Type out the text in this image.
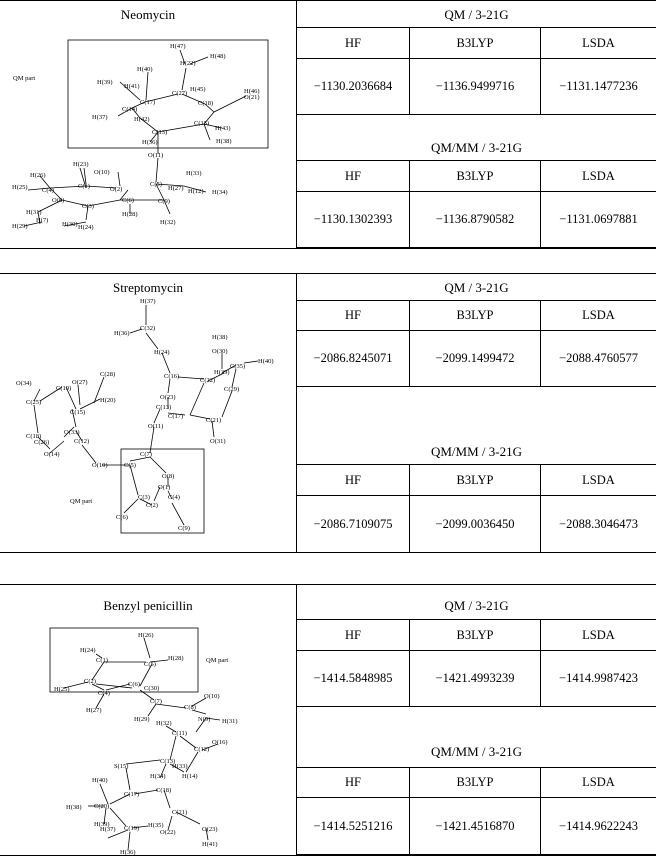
Neomycin
QM part
H(47)
H(48)
H(22)
H(40)
C(27)
H(45)
H(39)
H(41)
C(17)	C(18)
H(46)
O(21)
C(14)
H(42)
C(15)
H(43)
H(37)
C(13)
H(36)	H(38)
O(11)
H(23)
H(33)
O(10)
H(26)
C(1)	O(2)
C(5)
H(25) C(4)	H(27) H(12) H(34)
O(8)
C(3)
C(6)	C(9)
H(31)	H(28)
H(32)
H(7)
H(30) H(24)
H(29)
QM / 3-21G
HF	B3LYP	LSDA
−1130.2036684	−1136.9499716	−1131.1477236
QM/MM / 3-21G
HF	B3LYP	LSDA
−1130.1302393	−1136.8790582	−1131.0697881
Streptomycin
QM part
H(37)
H(36)
C(32)
H(38)
H(24)	O(30)
H(39)
C(35)
H(40)
C(16)
C(22)
C(28)
O(34)
C(19)
O(27)
C(29)
C(25)	H(20)	O(23)
C(15)
C(13)
C(17)
C(21)
O(33)
C(18)
C(26)	C(12)
O(11)
O(31)
O(14)
O(10)
C(7)
C(5)
O(8)
O(1)
C(3)	C(4)
C(2)
C(6)
C(9)
QM / 3-21G
HF	B3LYP	LSDA
−2086.8245071	−2099.1499472	−2088.4760577
QM/MM / 3-21G
HF	B3LYP	LSDA
−2086.7109075	−2099.0036450	−2088.3046473
Benzyl penicillin
QM part
H(26)
H(24)
C(5)
H(28)
C(1)
C(2)	C(6)
C(30)
H(25)
C(4)	O(10)
C(7)
C(8)
H(27)
H(29)
H(32)
N(9) H(31)
C(11)
O(16)
C(12)
S(15)
C(13)
H(33)
H(40)
H(34)	H(14)
C(18)
H(38) C(20)
C(17)
H(39)
C(19) H(35)
C(21)
H(37)	O(22)	O(23)
H(36)
H(41)
QM / 3-21G
HF	B3LYP	LSDA
−1414.5848985	−1421.4993239	−1414.9987423
QM/MM / 3-21G
HF	B3LYP	LSDA
−1414.5251216	−1421.4516870	−1414.9622243
